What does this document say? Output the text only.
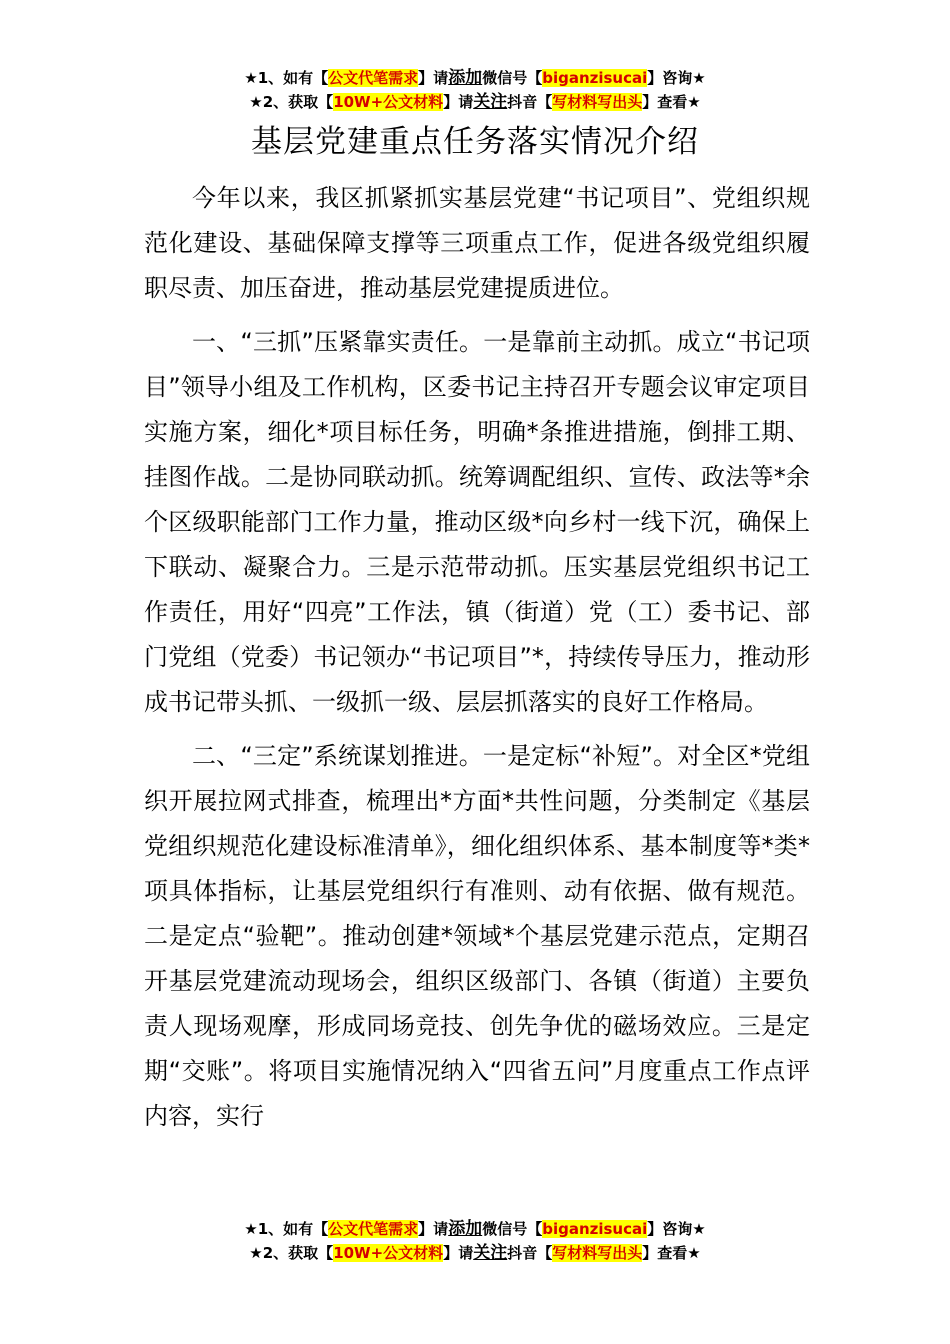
★1、如有【公文代笔需求】请添加微信号【biganzisucai】咨询★
★2、获取【10W+公文材料】请关注抖音【写材料写出头】查看★
基层党建重点任务落实情况介绍

今年以来，我区抓紧抓实基层党建“书记项目”、党组织规范化建设、基础保障支撑等三项重点工作，促进各级党组织履职尽责、加压奋进，推动基层党建提质进位。

一、“三抓”压紧靠实责任。一是靠前主动抓。成立“书记项目”领导小组及工作机构，区委书记主持召开专题会议审定项目实施方案，细化*项目标任务，明确*条推进措施，倒排工期、挂图作战。二是协同联动抓。统筹调配组织、宣传、政法等*余个区级职能部门工作力量，推动区级*向乡村一线下沉，确保上下联动、凝聚合力。三是示范带动抓。压实基层党组织书记工作责任，用好“四亮”工作法，镇（街道）党（工）委书记、部门党组（党委）书记领办“书记项目”*，持续传导压力，推动形成书记带头抓、一级抓一级、层层抓落实的良好工作格局。

二、“三定”系统谋划推进。一是定标“补短”。对全区*党组织开展拉网式排查，梳理出*方面*共性问题，分类制定《基层党组织规范化建设标准清单》，细化组织体系、基本制度等*类*项具体指标，让基层党组织行有准则、动有依据、做有规范。二是定点“验靶”。推动创建*领域*个基层党建示范点，定期召开基层党建流动现场会，组织区级部门、各镇（街道）主要负责人现场观摩，形成同场竞技、创先争优的磁场效应。三是定期“交账”。将项目实施情况纳入“四省五问”月度重点工作点评内容，实行

★1、如有【公文代笔需求】请添加微信号【biganzisucai】咨询★
★2、获取【10W+公文材料】请关注抖音【写材料写出头】查看★
